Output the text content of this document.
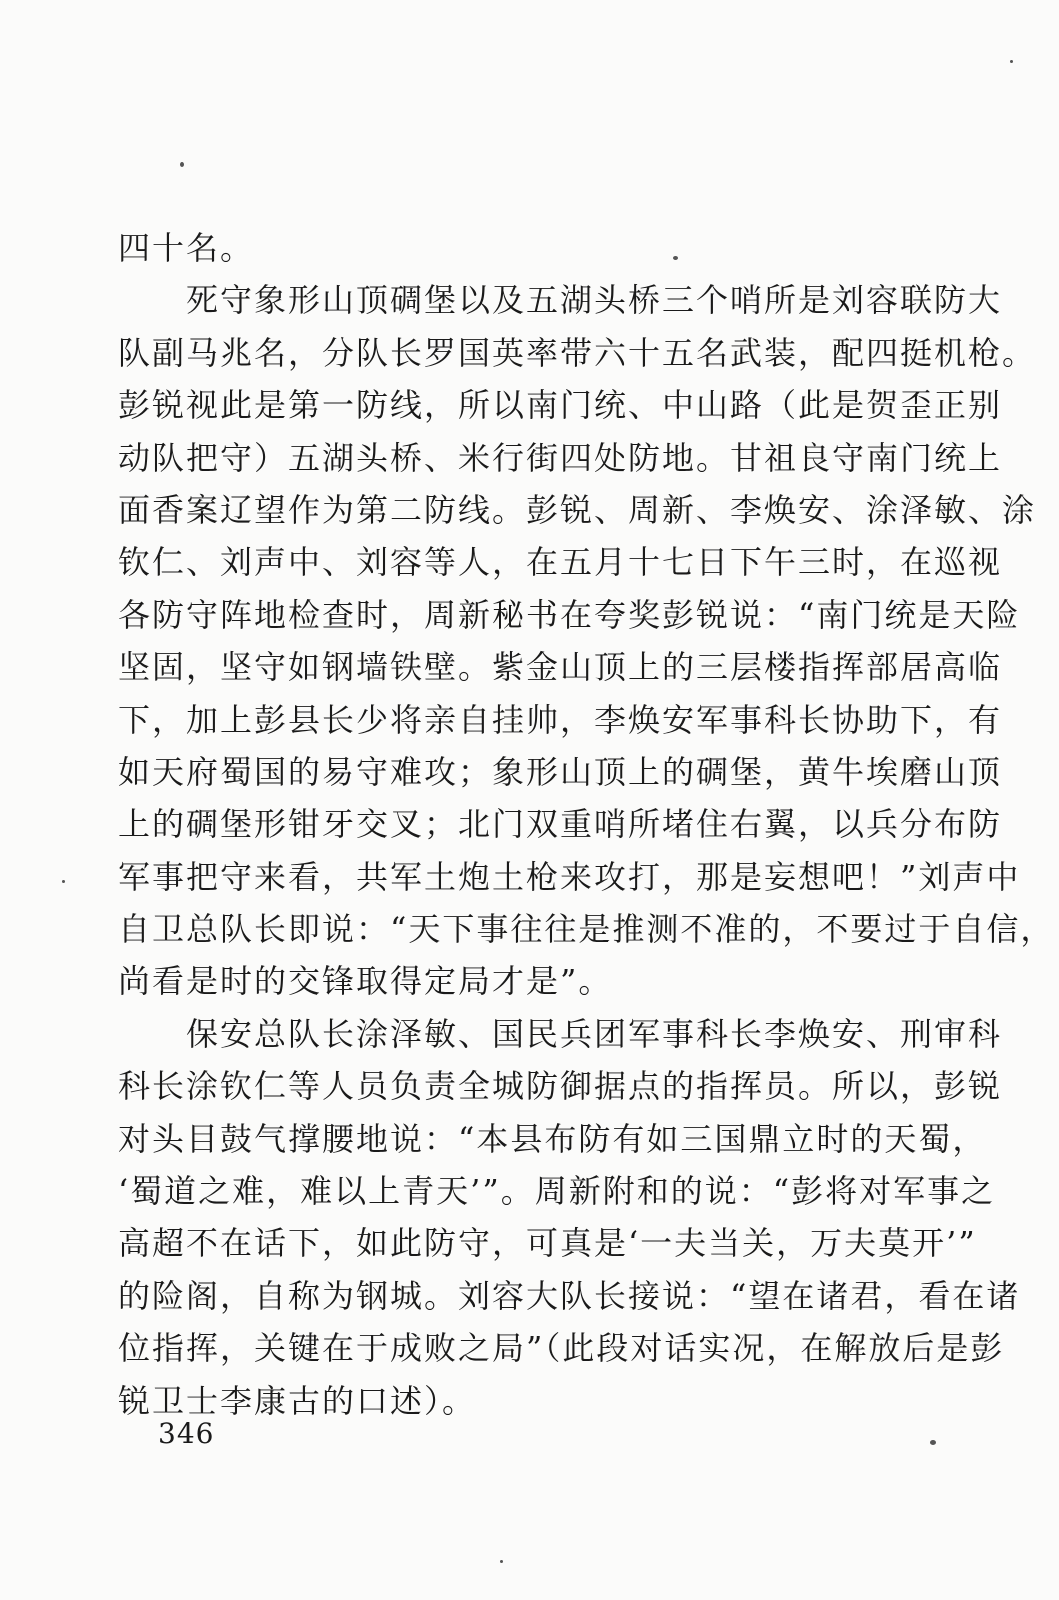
四十名。
　　死守象形山顶碉堡以及五湖头桥三个哨所是刘容联防大
队副马兆名，分队长罗国英率带六十五名武装，配四挺机枪。
彭锐视此是第一防线，所以南门统、中山路（此是贺歪正别
动队把守）五湖头桥、米行街四处防地。甘祖良守南门统上
面香案辽望作为第二防线。彭锐、周新、李焕安、涂泽敏、涂
钦仁、刘声中、刘容等人，在五月十七日下午三时，在巡视
各防守阵地检查时，周新秘书在夸奖彭锐说：“南门统是天险
坚固，坚守如钢墙铁壁。紫金山顶上的三层楼指挥部居高临
下，加上彭县长少将亲自挂帅，李焕安军事科长协助下，有
如天府蜀国的易守难攻；象形山顶上的碉堡，黄牛埃磨山顶
上的碉堡形钳牙交叉；北门双重哨所堵住右翼，以兵分布防
军事把守来看，共军土炮土枪来攻打，那是妄想吧！”刘声中
自卫总队长即说：“天下事往往是推测不准的，不要过于自信，
尚看是时的交锋取得定局才是”。
　　保安总队长涂泽敏、国民兵团军事科长李焕安、刑审科
科长涂钦仁等人员负责全城防御据点的指挥员。所以，彭锐
对头目鼓气撑腰地说：“本县布防有如三国鼎立时的天蜀，
‘蜀道之难，难以上青天’”。周新附和的说：“彭将对军事之
高超不在话下，如此防守，可真是‘一夫当关，万夫莫开’”
的险阁，自称为钢城。刘容大队长接说：“望在诸君，看在诸
位指挥，关键在于成败之局”（此段对话实况，在解放后是彭
锐卫士李康古的口述）。
346
